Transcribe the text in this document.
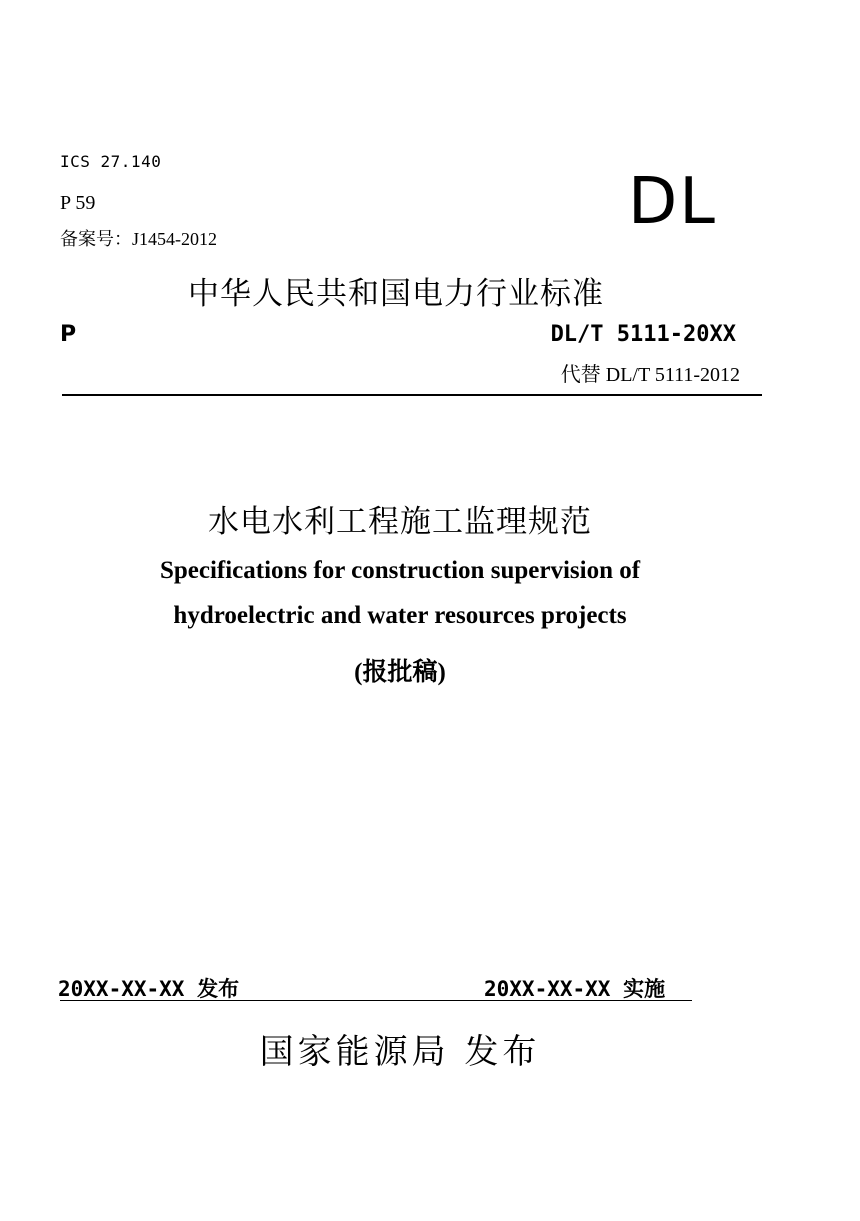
ICS 27.140
P 59
备案号：J1454-2012	DL
中华人民共和国电力行业标准
P	DL/T 5111-20XX
代替 DL/T 5111-2012
水电水利工程施工监理规范
Specifications for construction supervision of
hydroelectric and water resources projects
(报批稿)
20XX-XX-XX 发布	20XX-XX-XX 实施
国家能源局 发布
